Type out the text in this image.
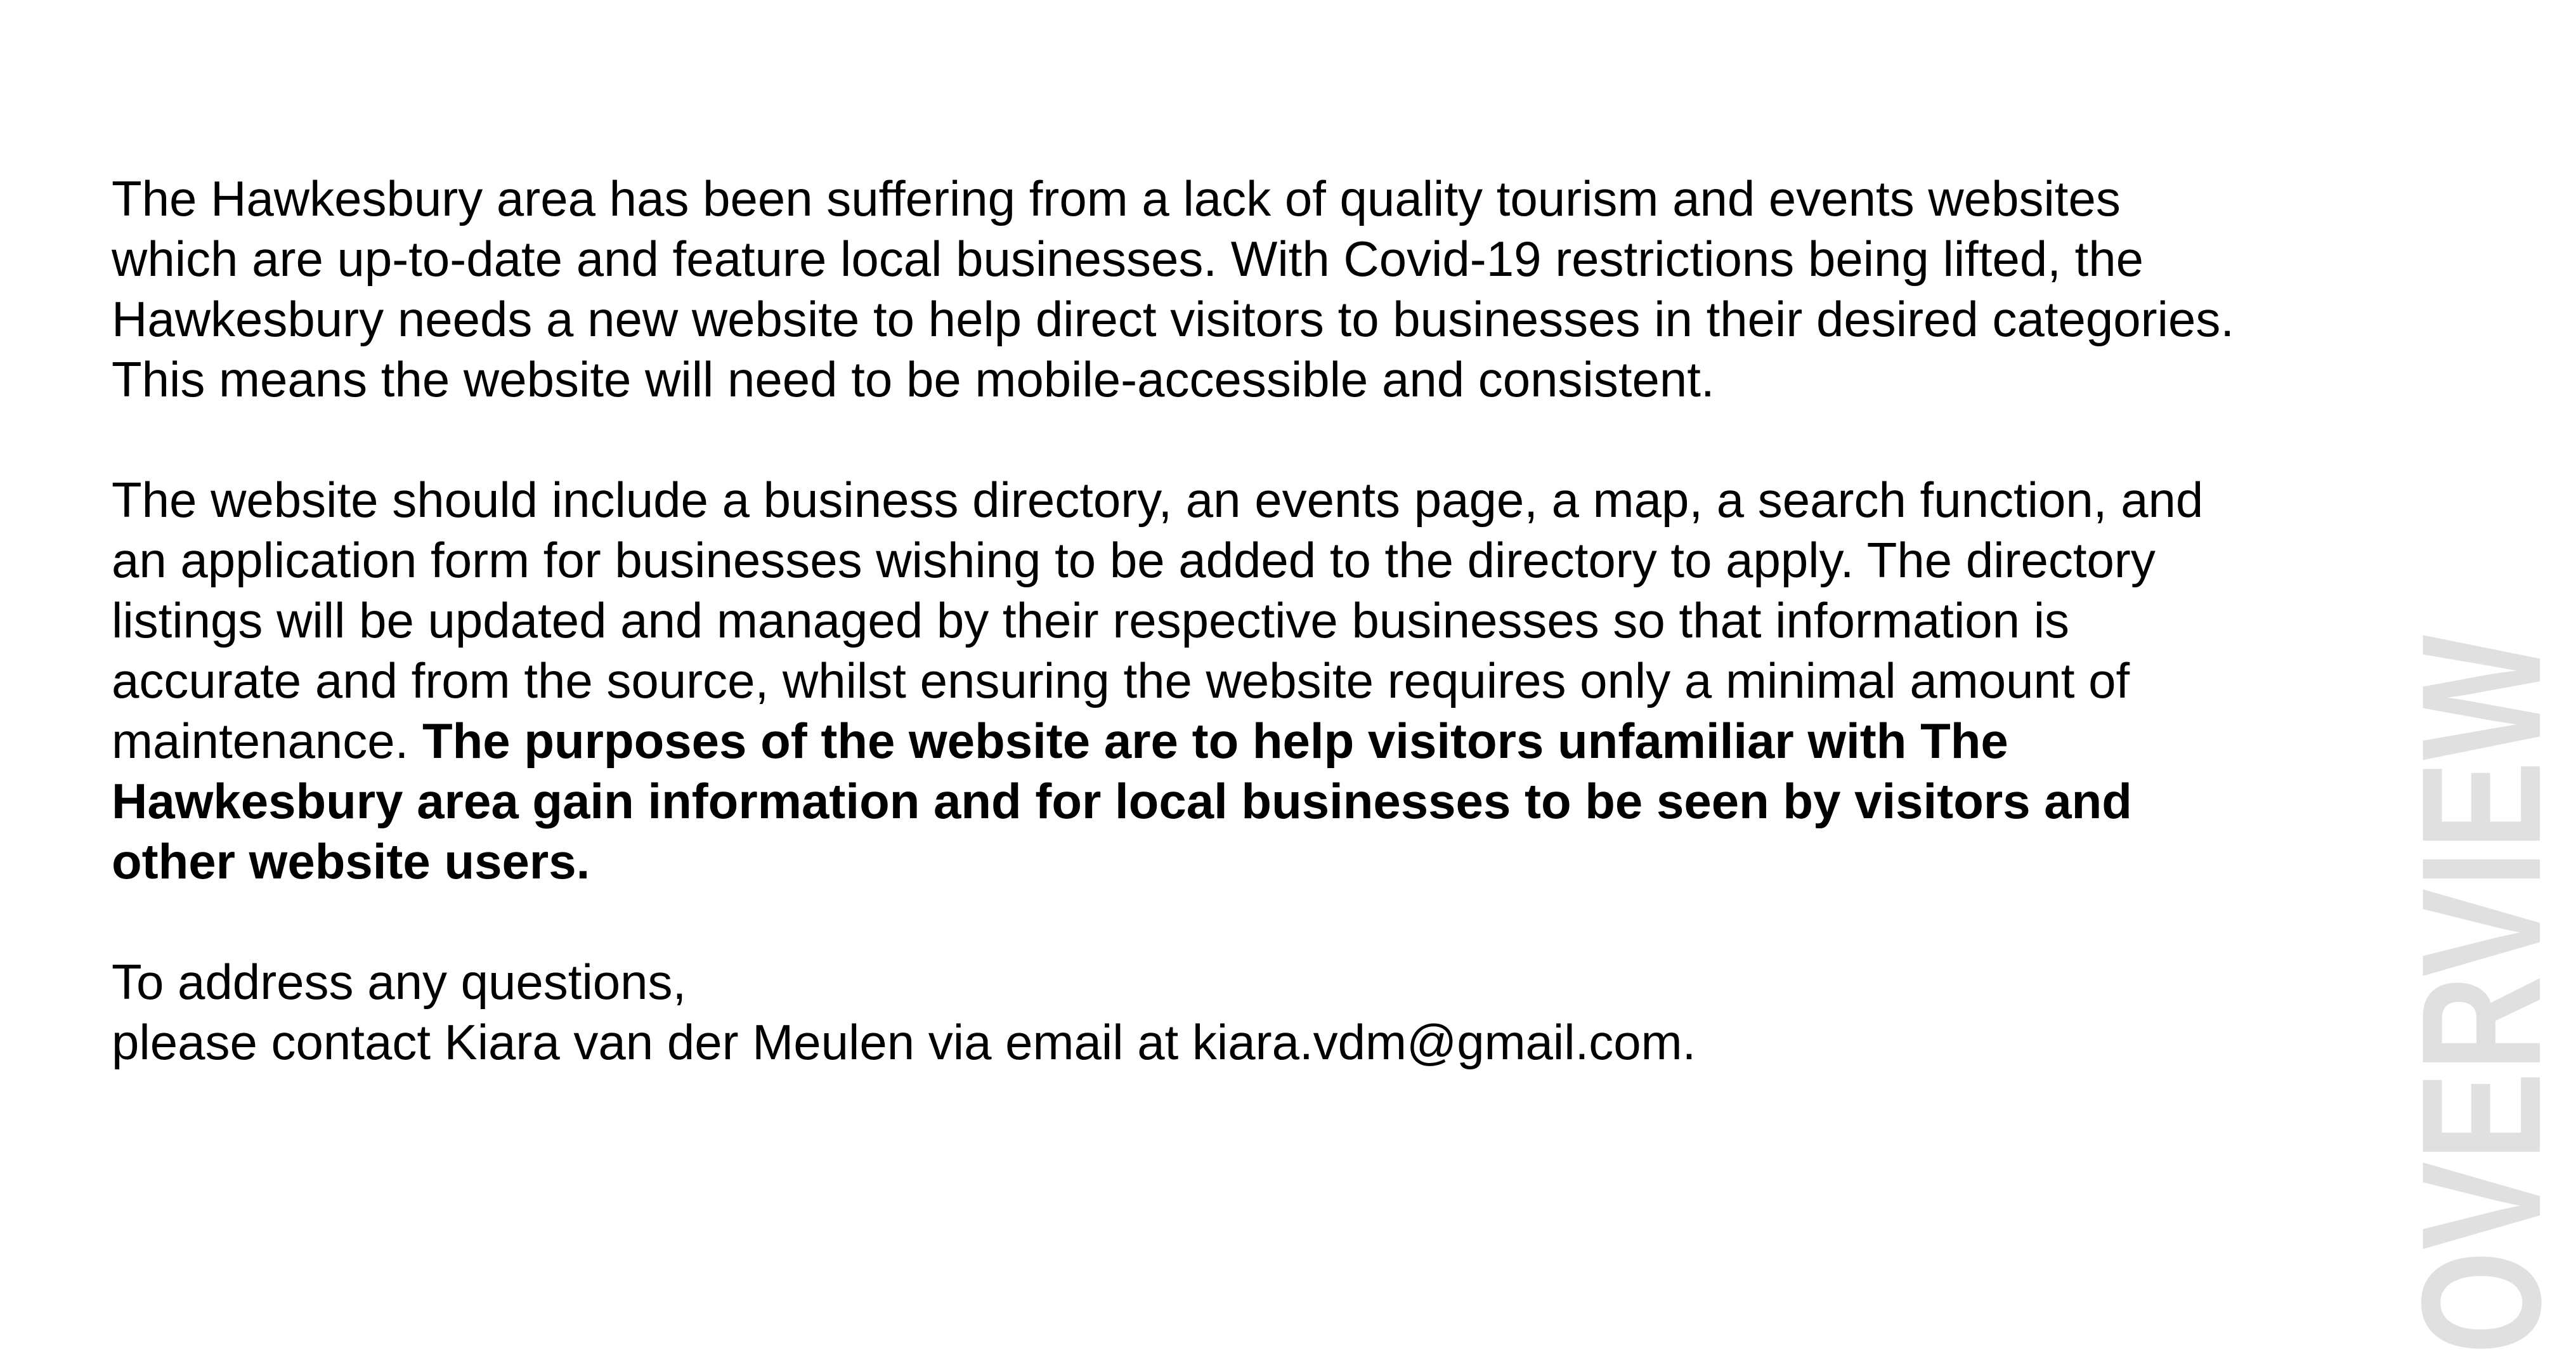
The Hawkesbury area has been suffering from a lack of quality tourism and events websites which are up-to-date and feature local businesses. With Covid-19 restrictions being lifted, the Hawkesbury needs a new website to help direct visitors to businesses in their desired categories. This means the website will need to be mobile-accessible and consistent.

The website should include a business directory, an events page, a map, a search function, and an application form for businesses wishing to be added to the directory to apply. The directory listings will be updated and managed by their respective businesses so that information is accurate and from the source, whilst ensuring the website requires only a minimal amount of maintenance. The purposes of the website are to help visitors unfamiliar with The Hawkesbury area gain information and for local businesses to be seen by visitors and other website users.

To address any questions,
please contact Kiara van der Meulen via email at kiara.vdm@gmail.com.	OVERVIEW
